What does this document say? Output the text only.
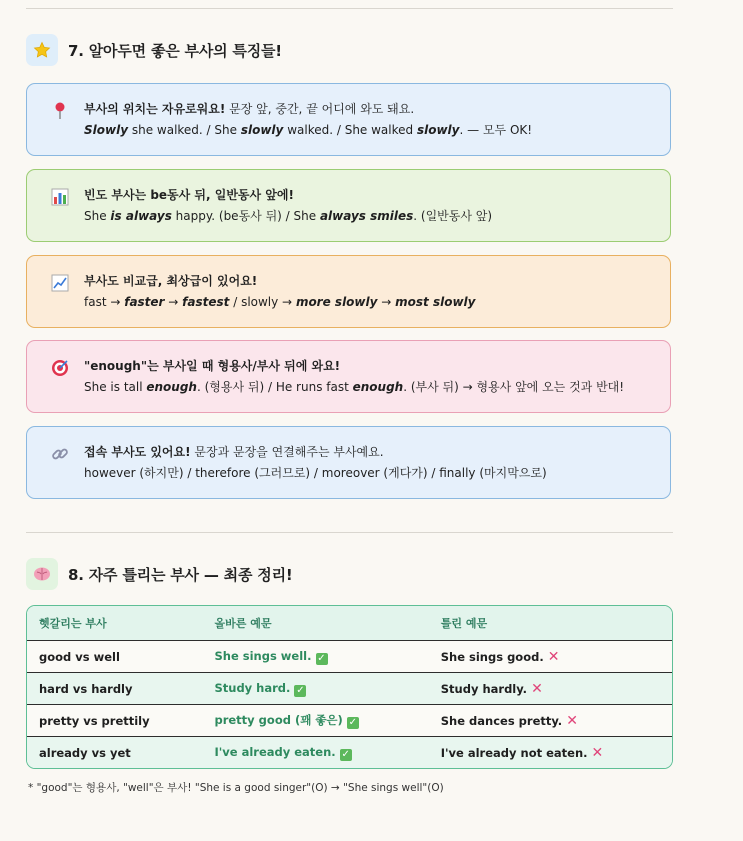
7. 알아두면 좋은 부사의 특징들!
부사의 위치는 자유로워요! 문장 앞, 중간, 끝 어디에 와도 돼요.
Slowly she walked. / She slowly walked. / She walked slowly. — 모두 OK!
빈도 부사는 be동사 뒤, 일반동사 앞에!
She is always happy. (be동사 뒤) / She always smiles. (일반동사 앞)
부사도 비교급, 최상급이 있어요!
fast → faster → fastest / slowly → more slowly → most slowly
"enough"는 부사일 때 형용사/부사 뒤에 와요!
She is tall enough. (형용사 뒤) / He runs fast enough. (부사 뒤) → 형용사 앞에 오는 것과 반대!
접속 부사도 있어요! 문장과 문장을 연결해주는 부사예요.
however (하지만) / therefore (그러므로) / moreover (게다가) / finally (마지막으로)
8. 자주 틀리는 부사 — 최종 정리!
헷갈리는 부사	올바른 예문	틀린 예문
good vs well	She sings well. ✓	She sings good. ✕
hard vs hardly	Study hard. ✓	Study hardly. ✕
pretty vs prettily	pretty good (꽤 좋은) ✓	She dances pretty. ✕
already vs yet	I've already eaten. ✓	I've already not eaten. ✕
* "good"는 형용사, "well"은 부사! "She is a good singer"(O) → "She sings well"(O)
